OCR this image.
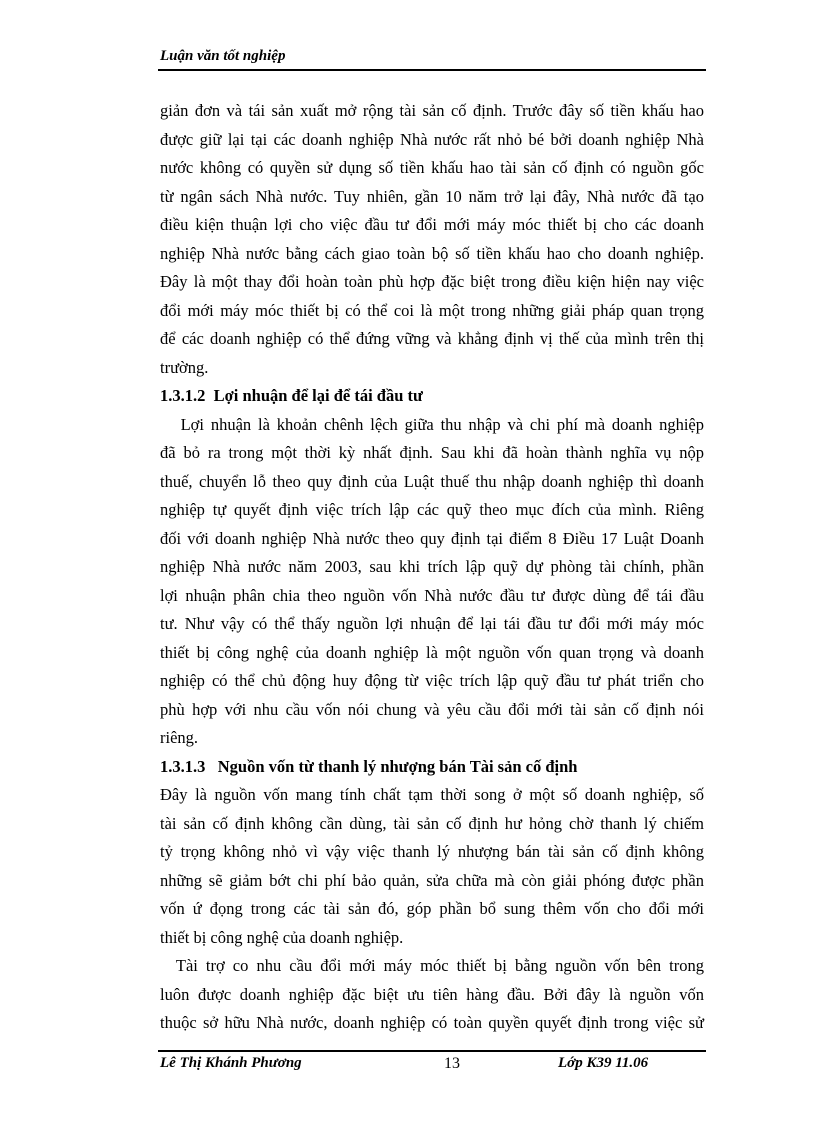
Luận văn tốt nghiệp
giản đơn và tái sản xuất mở rộng tài sản cố định. Trước đây số tiền khấu hao
được giữ lại tại các doanh nghiệp Nhà nước rất nhỏ bé bởi doanh nghiệp Nhà
nước không có quyền sử dụng số tiền khấu hao tài sản cố định có nguồn gốc
từ ngân sách Nhà nước. Tuy nhiên, gần 10 năm trở lại đây, Nhà nước đã tạo
điều kiện thuận lợi cho việc đầu tư đổi mới máy móc thiết bị cho các doanh
nghiệp Nhà nước bằng cách giao toàn bộ số tiền khấu hao cho doanh nghiệp.
Đây là một thay đổi hoàn toàn phù hợp đặc biệt trong điều kiện hiện nay việc
đổi mới máy móc thiết bị có thể coi là một trong những giải pháp quan trọng
để các doanh nghiệp có thể đứng vững và khẳng định vị thế của mình trên thị
trường.
1.3.1.2  Lợi nhuận để lại để tái đầu tư
Lợi nhuận là khoản chênh lệch giữa thu nhập và chi phí mà doanh nghiệp
đã bỏ ra trong một thời kỳ nhất định. Sau khi đã hoàn thành nghĩa vụ nộp
thuế, chuyển lỗ theo quy định của Luật thuế thu nhập doanh nghiệp thì doanh
nghiệp tự quyết định việc trích lập các quỹ theo mục đích của mình. Riêng
đối với doanh nghiệp Nhà nước theo quy định tại điểm 8 Điều 17 Luật Doanh
nghiệp Nhà nước năm 2003, sau khi trích lập quỹ dự phòng tài chính, phần
lợi nhuận phân chia theo nguồn vốn Nhà nước đầu tư được dùng để tái đầu
tư. Như vậy có thể thấy nguồn lợi nhuận để lại tái đầu tư đổi mới máy móc
thiết bị công nghệ của doanh nghiệp là một nguồn vốn quan trọng và doanh
nghiệp có thể chủ động huy động từ việc trích lập quỹ đầu tư phát triển cho
phù hợp với nhu cầu vốn nói chung và yêu cầu đổi mới tài sản cố định nói
riêng.
1.3.1.3   Nguồn vốn từ thanh lý nhượng bán Tài sản cố định
Đây là nguồn vốn mang tính chất tạm thời song ở một số doanh nghiệp, số
tài sản cố định không cần dùng, tài sản cố định hư hỏng chờ thanh lý chiếm
tỷ trọng không nhỏ vì vậy việc thanh lý nhượng bán tài sản cố định không
những sẽ giảm bớt chi phí bảo quản, sửa chữa mà còn giải phóng được phần
vốn ứ đọng trong các tài sản đó, góp phần bổ sung thêm vốn cho đổi mới
thiết bị công nghệ của doanh nghiệp.
Tài trợ co nhu cầu đổi mới máy móc thiết bị bằng nguồn vốn bên trong
luôn được doanh nghiệp đặc biệt ưu tiên hàng đầu. Bởi đây là nguồn vốn
thuộc sở hữu Nhà nước, doanh nghiệp có toàn quyền quyết định trong việc sử
Lê Thị Khánh Phương	13	Lớp K39 11.06
